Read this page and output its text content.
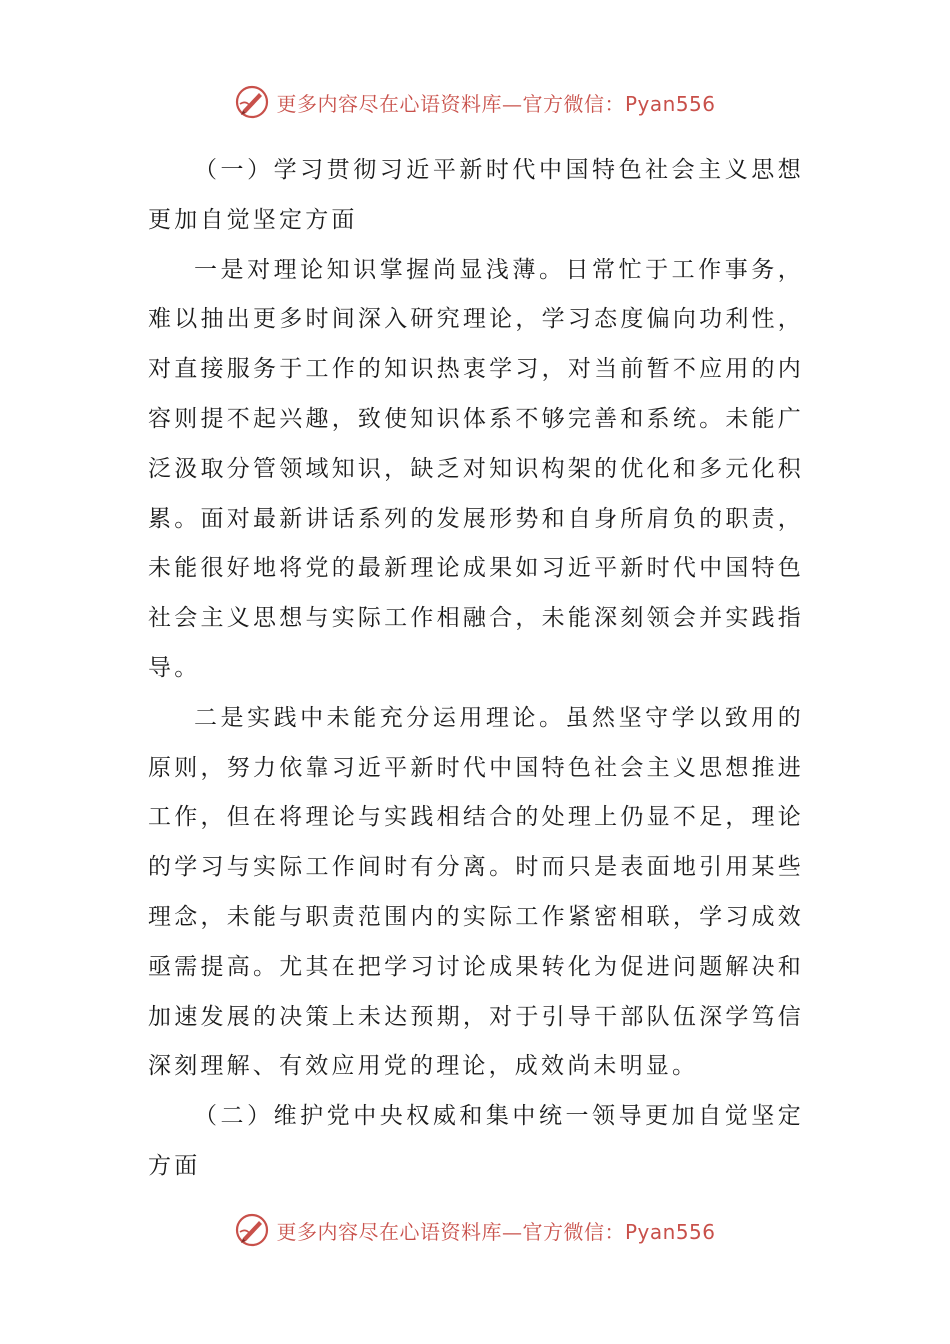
更多内容尽在心语资料库—官方微信：Pyan556

（一）学习贯彻习近平新时代中国特色社会主义思想更加自觉坚定方面

一是对理论知识掌握尚显浅薄。日常忙于工作事务，难以抽出更多时间深入研究理论，学习态度偏向功利性，对直接服务于工作的知识热衷学习，对当前暂不应用的内容则提不起兴趣，致使知识体系不够完善和系统。未能广泛汲取分管领域知识，缺乏对知识构架的优化和多元化积累。面对最新讲话系列的发展形势和自身所肩负的职责，未能很好地将党的最新理论成果如习近平新时代中国特色社会主义思想与实际工作相融合，未能深刻领会并实践指导。

二是实践中未能充分运用理论。虽然坚守学以致用的原则，努力依靠习近平新时代中国特色社会主义思想推进工作，但在将理论与实践相结合的处理上仍显不足，理论的学习与实际工作间时有分离。时而只是表面地引用某些理念，未能与职责范围内的实际工作紧密相联，学习成效亟需提高。尤其在把学习讨论成果转化为促进问题解决和加速发展的决策上未达预期，对于引导干部队伍深学笃信深刻理解、有效应用党的理论，成效尚未明显。

（二）维护党中央权威和集中统一领导更加自觉坚定方面

更多内容尽在心语资料库—官方微信：Pyan556
